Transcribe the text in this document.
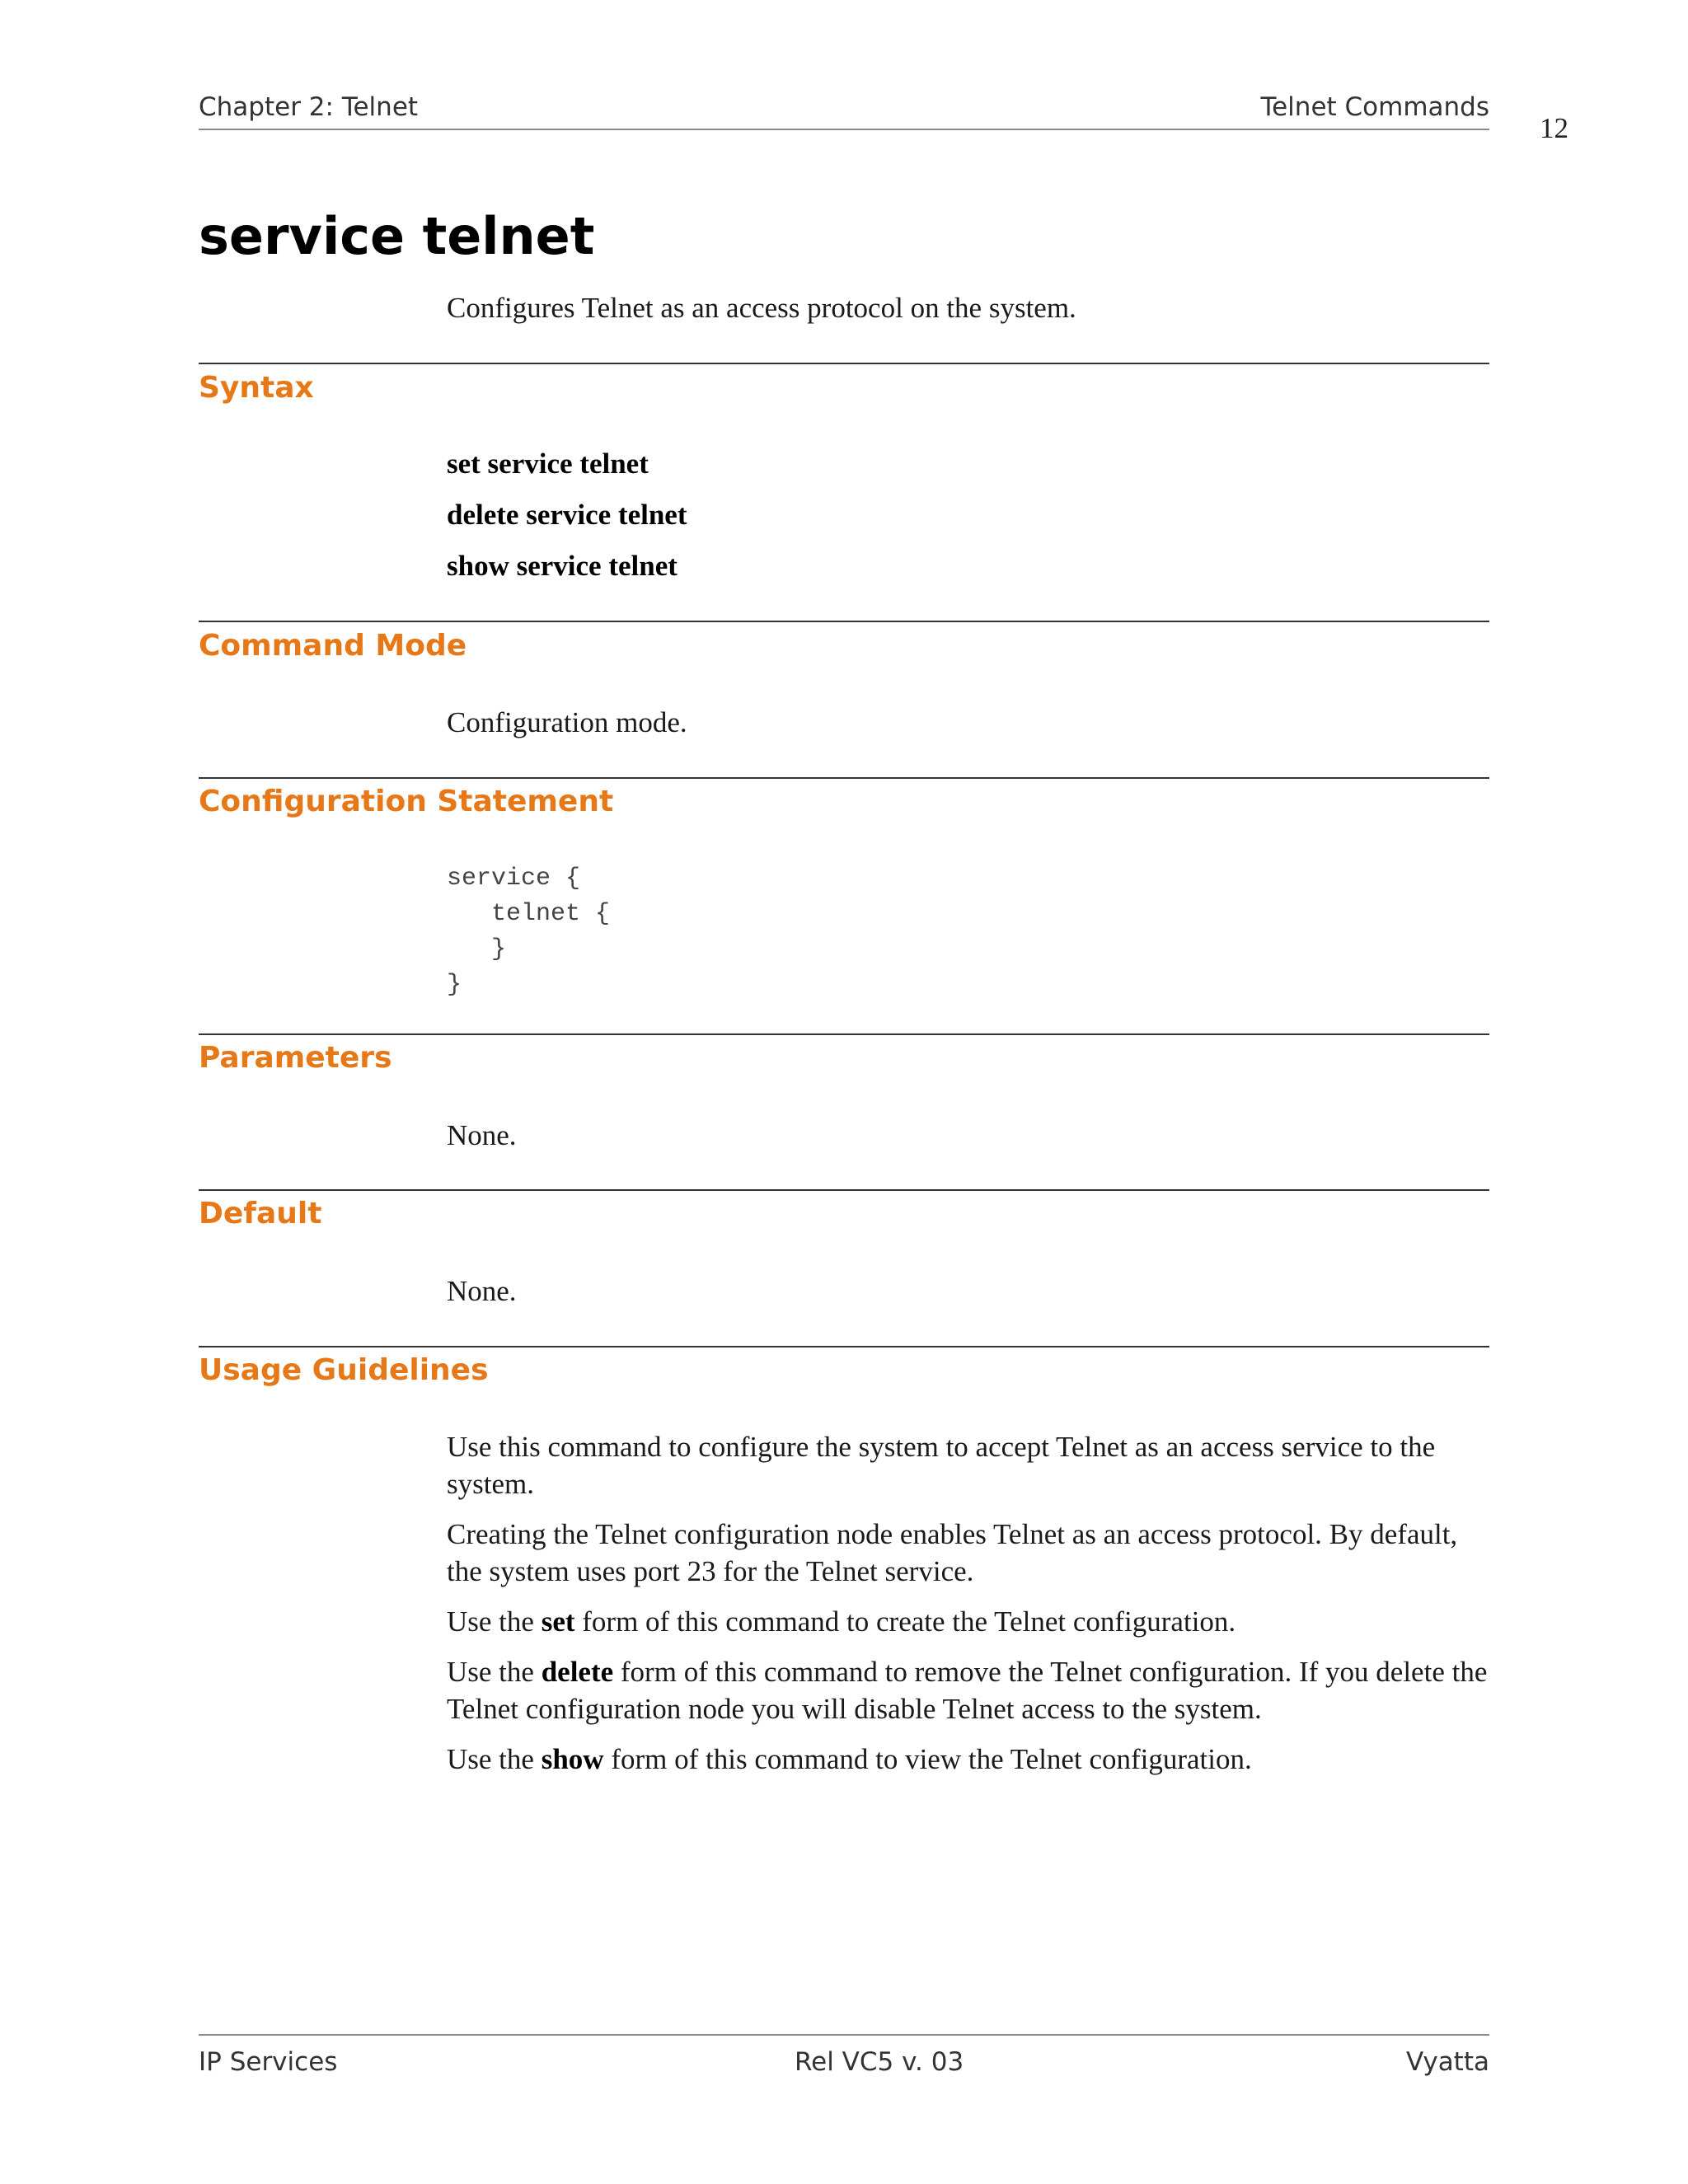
Chapter 2: Telnet	Telnet Commands
12
service telnet
Configures Telnet as an access protocol on the system.
Syntax
set service telnet
delete service telnet
show service telnet
Command Mode
Configuration mode.
Configuration Statement
service {
telnet {
}
}
Parameters
None.
Default
None.
Usage Guidelines

Use this command to configure the system to accept Telnet as an access service to the system.

Creating the Telnet configuration node enables Telnet as an access protocol. By default, the system uses port 23 for the Telnet service.

Use the set form of this command to create the Telnet configuration.

Use the delete form of this command to remove the Telnet configuration. If you delete the Telnet configuration node you will disable Telnet access to the system.

Use the show form of this command to view the Telnet configuration.

IP Services	Rel VC5 v. 03	Vyatta
